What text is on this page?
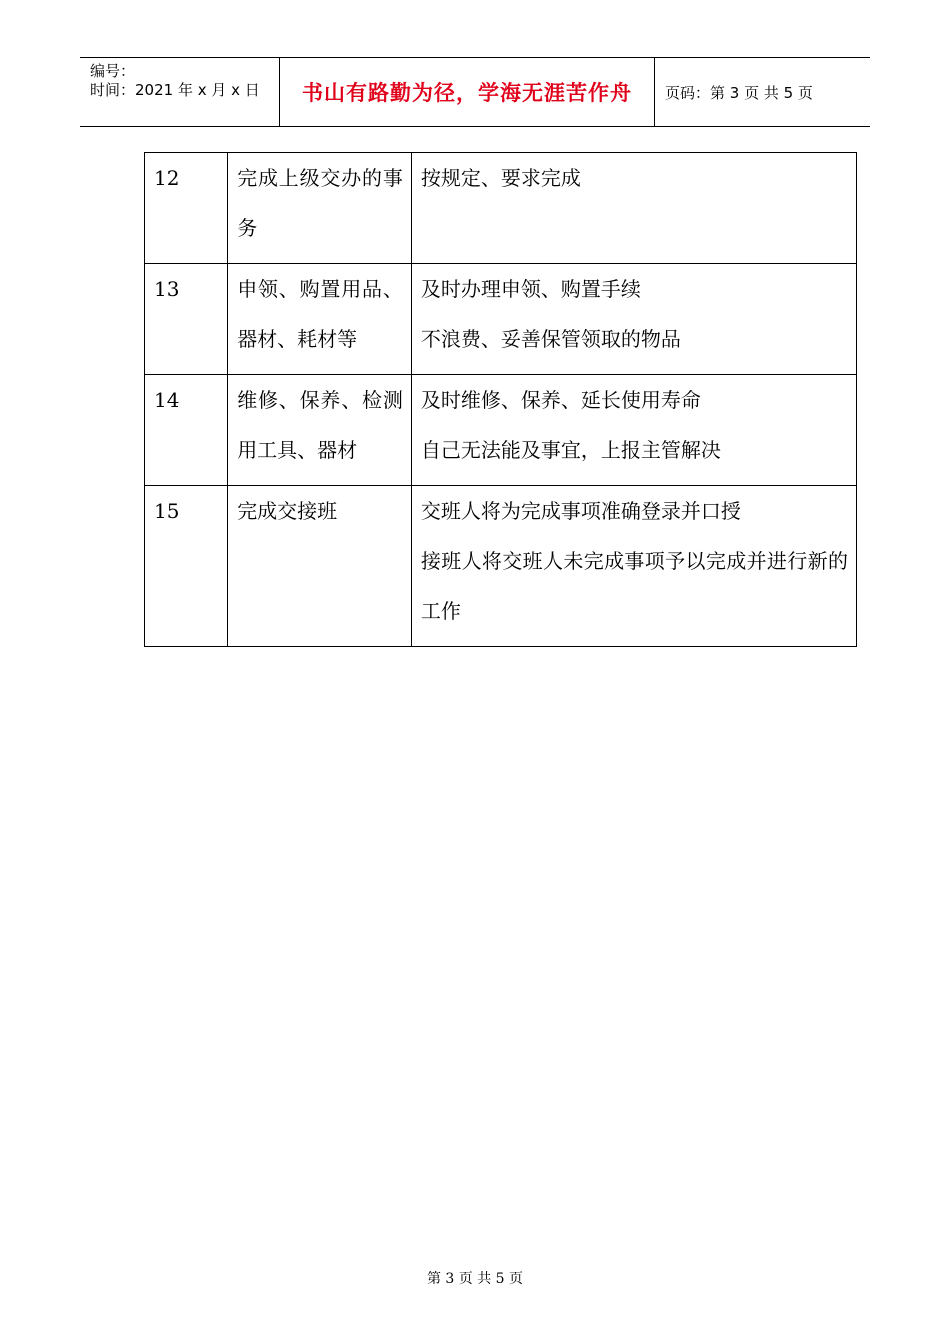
编号：
时间：2021 年 x 月 x 日	书山有路勤为径，学海无涯苦作舟	页码：第 3 页 共 5 页
12	完成上级交办的事务	按规定、要求完成

13	申领、购置用品、器材、耗材等	及时办理申领、购置手续
不浪费、妥善保管领取的物品

14	维修、保养、检测用工具、器材	及时维修、保养、延长使用寿命
自己无法能及事宜，上报主管解决

15	完成交接班	交班人将为完成事项准确登录并口授
接班人将交班人未完成事项予以完成并进行新的工作
第 3 页 共 5 页
